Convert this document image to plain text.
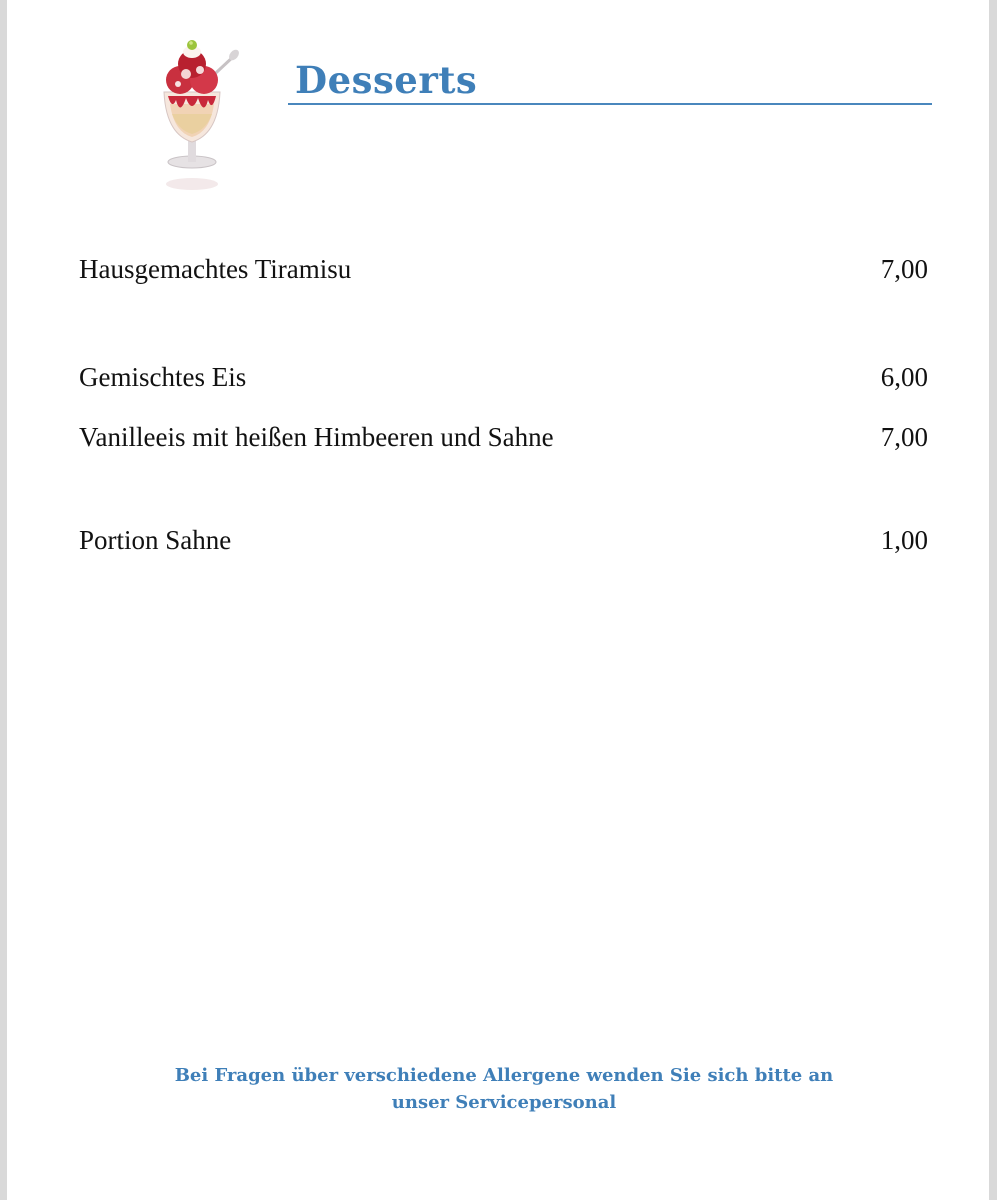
Desserts
Hausgemachtes Tiramisu	7,00
Gemischtes Eis	6,00
Vanilleeis mit heißen Himbeeren und Sahne	7,00
Portion Sahne	1,00
Bei Fragen über verschiedene Allergene wenden Sie sich bitte an
unser Servicepersonal
